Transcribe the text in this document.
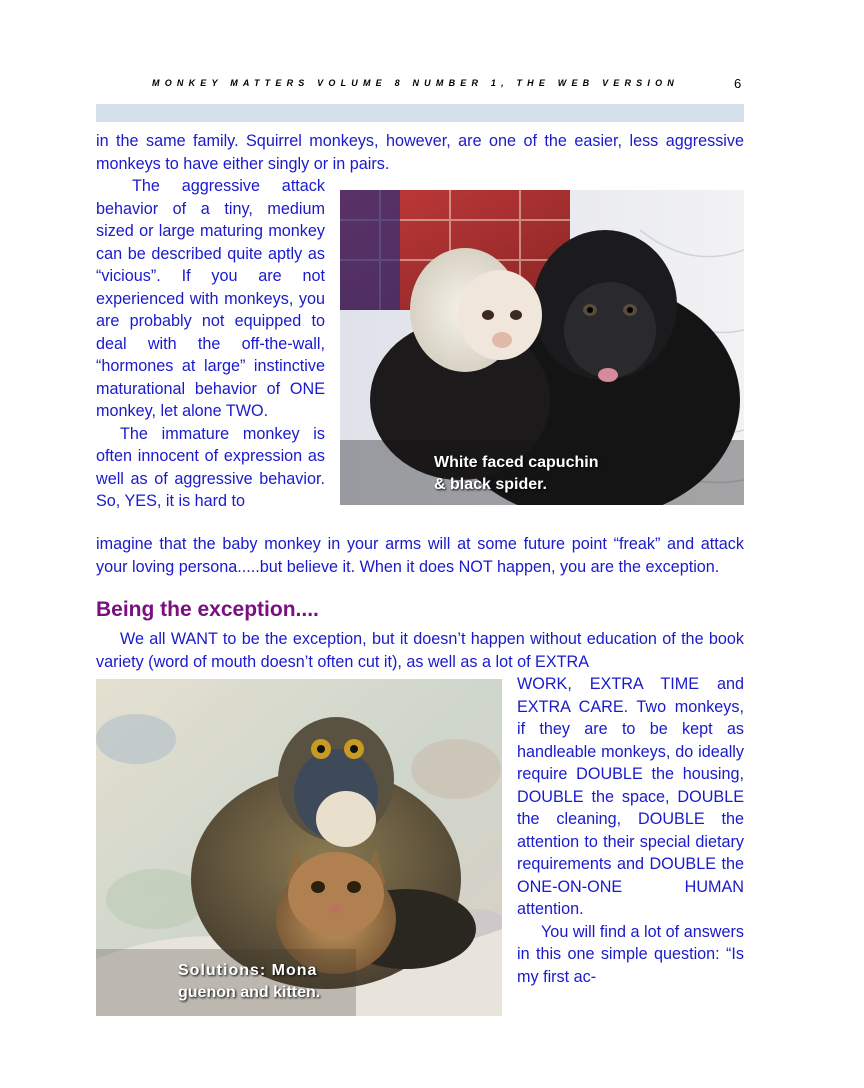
MONKEY MATTERS VOLUME 8 NUMBER 1, THE WEB VERSION	6

in the same family. Squirrel monkeys, however, are one of the easier, less aggressive monkeys to have either singly or in pairs.

The aggressive attack behavior of a tiny, medium sized or large maturing monkey can be described quite aptly as “vicious”. If you are not experienced with monkeys, you are probably not equipped to deal with the off-the-wall, “hormones at large” instinctive maturational behavior of ONE monkey, let alone TWO.

The immature monkey is often innocent of expression as well as of aggressive behavior. So, YES, it is hard to

White faced capuchin
& black spider.

imagine that the baby monkey in your arms will at some future point “freak” and attack your loving persona.....but believe it. When it does NOT happen, you are the exception.

Being the exception....

We all WANT to be the exception, but it doesn’t happen without education of the book variety (word of mouth doesn’t often cut it), as well as a lot of EXTRA

Solutions: Mona
guenon and kitten.

WORK, EXTRA TIME and EXTRA CARE. Two monkeys, if they are to be kept as handleable monkeys, do ideally require DOUBLE the housing, DOUBLE the space, DOUBLE the cleaning, DOUBLE the attention to their special dietary requirements and DOUBLE the ONE-ON-ONE HUMAN attention.

You will find a lot of answers in this one simple question: “Is my first ac-
